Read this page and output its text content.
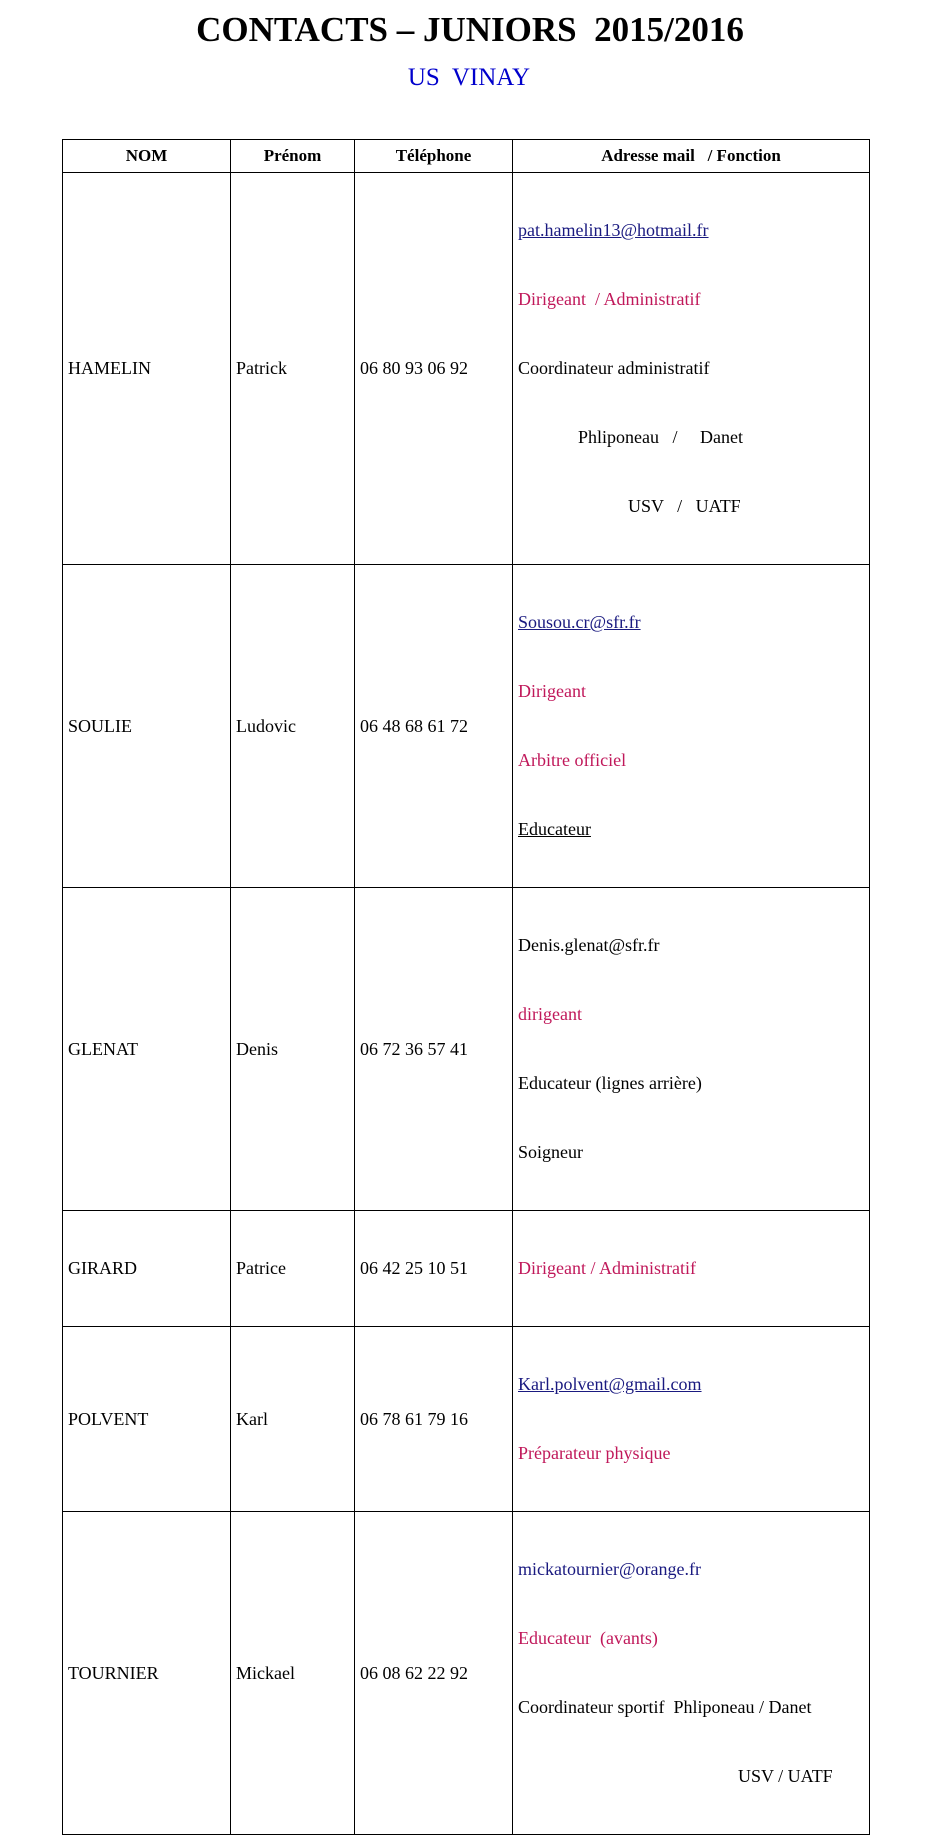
CONTACTS – JUNIORS  2015/2016
US  VINAY
NOM	Prénom	Téléphone	Adresse mail   / Fonction
HAMELIN	Patrick	06 80 93 06 92	pat.hamelin13@hotmail.fr

Dirigeant  / Administratif

Coordinateur administratif

Phliponeau   /     Danet

USV   /   UATF

SOULIE	Ludovic	06 48 68 61 72	Sousou.cr@sfr.fr

Dirigeant

Arbitre officiel

Educateur

GLENAT	Denis	06 72 36 57 41	Denis.glenat@sfr.fr

dirigeant

Educateur (lignes arrière)

Soigneur

GIRARD	Patrice	06 42 25 10 51	Dirigeant / Administratif

POLVENT	Karl	06 78 61 79 16	Karl.polvent@gmail.com

Préparateur physique

TOURNIER	Mickael	06 08 62 22 92	mickatournier@orange.fr

Educateur  (avants)

Coordinateur sportif  Phliponeau / Danet

USV / UATF
